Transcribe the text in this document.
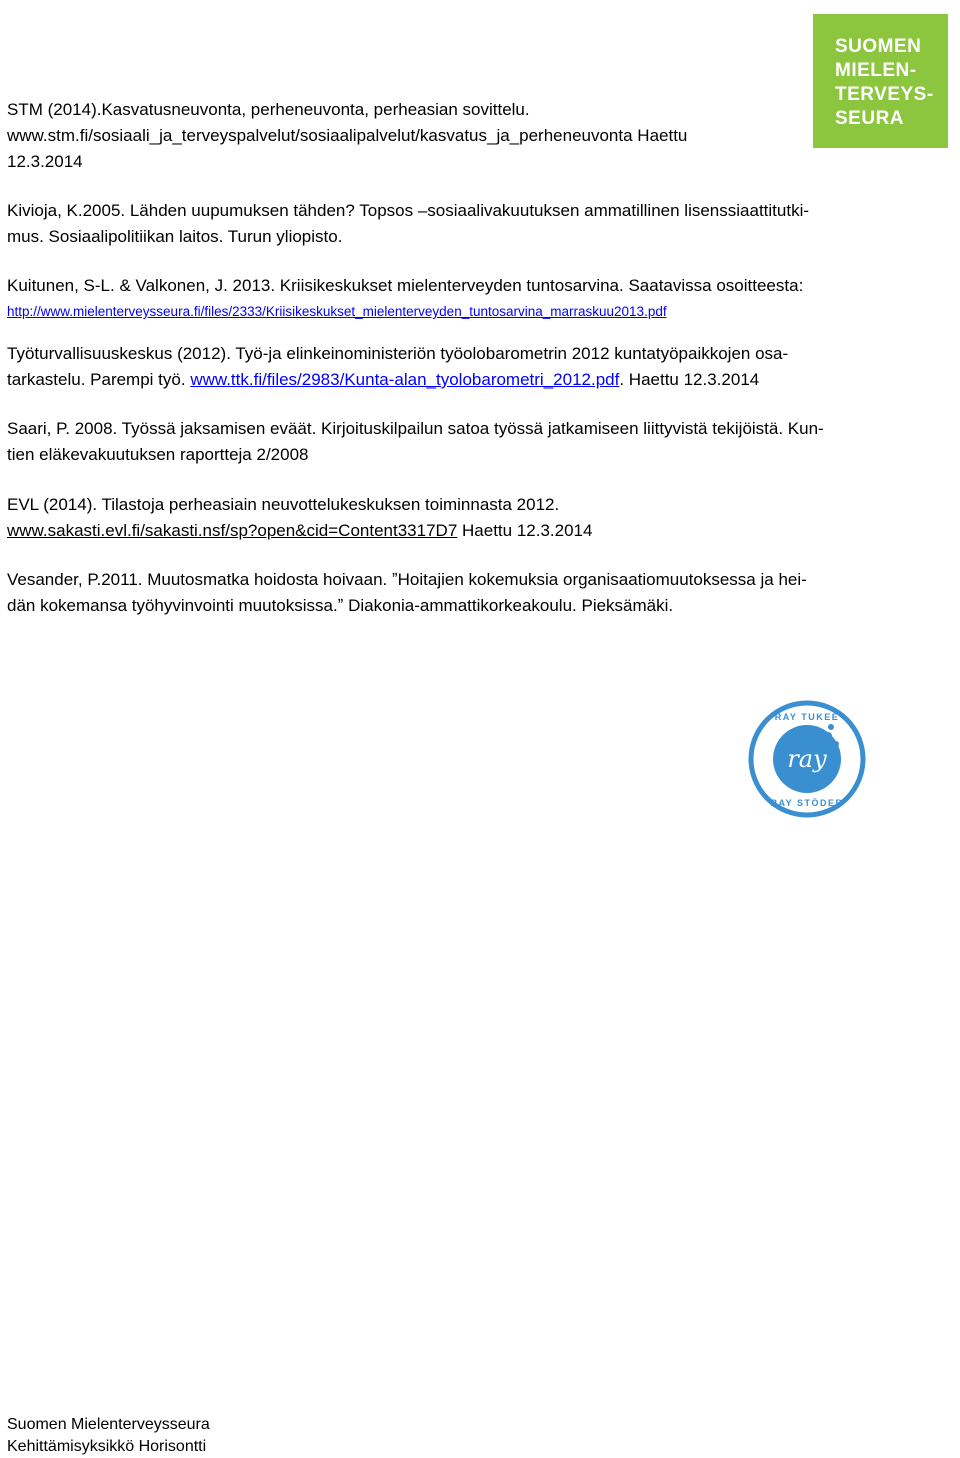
SUOMEN
MIELEN-
TERVEYS-
SEURA
STM (2014).Kasvatusneuvonta, perheneuvonta, perheasian sovittelu.
www.stm.fi/sosiaali_ja_terveyspalvelut/sosiaalipalvelut/kasvatus_ja_perheneuvonta Haettu
12.3.2014
Kivioja, K.2005. Lähden uupumuksen tähden? Topsos –sosiaalivakuutuksen ammatillinen lisenssiaattitutki-
mus. Sosiaalipolitiikan laitos. Turun yliopisto.
Kuitunen, S-L. & Valkonen, J. 2013. Kriisikeskukset mielenterveyden tuntosarvina. Saatavissa osoitteesta:
http://www.mielenterveysseura.fi/files/2333/Kriisikeskukset_mielenterveyden_tuntosarvina_marraskuu2013.pdf
Työturvallisuuskeskus (2012). Työ-ja elinkeinoministeriön työolobarometrin 2012 kuntatyöpaikkojen osa-
tarkastelu. Parempi työ. www.ttk.fi/files/2983/Kunta-alan_tyolobarometri_2012.pdf. Haettu 12.3.2014
Saari, P. 2008. Työssä jaksamisen eväät. Kirjoituskilpailun satoa työssä jatkamiseen liittyvistä tekijöistä. Kun-
tien eläkevakuutuksen raportteja 2/2008
EVL (2014). Tilastoja perheasiain neuvottelukeskuksen toiminnasta 2012.
www.sakasti.evl.fi/sakasti.nsf/sp?open&cid=Content3317D7 Haettu 12.3.2014
Vesander, P.2011. Muutosmatka hoidosta hoivaan. ˮHoitajien kokemuksia organisaatiomuutoksessa ja hei-
dän kokemansa työhyvinvointi muutoksissa.ˮ Diakonia-ammattikorkeakoulu. Pieksämäki.
ray
RAY TUKEE
RAY STÖDER
Suomen Mielenterveysseura
Kehittämisyksikkö Horisontti
